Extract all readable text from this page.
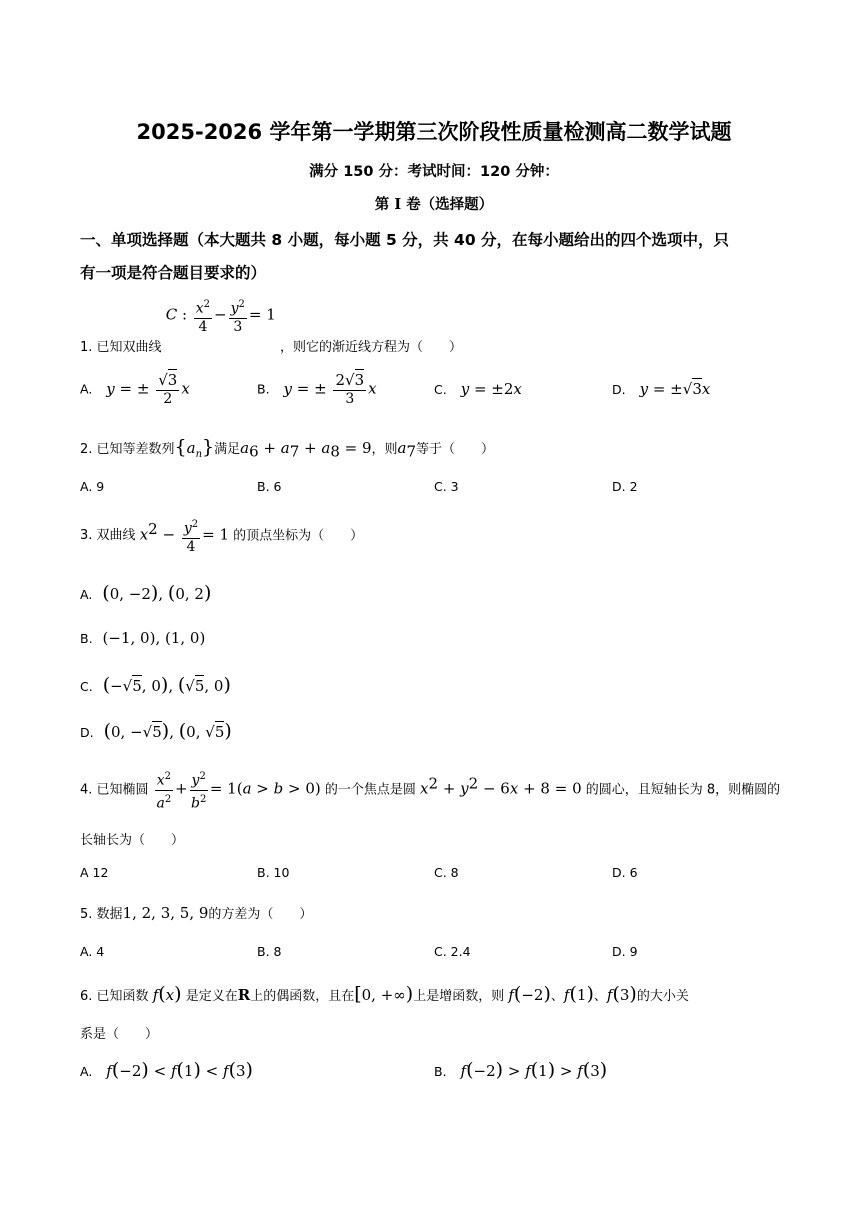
2025-2026 学年第一学期第三次阶段性质量检测高二数学试题
满分 150 分：考试时间：120 分钟：
第 I 卷（选择题）
一、单项选择题（本大题共 8 小题，每小题 5 分，共 40 分，在每小题给出的四个选项中，只
有一项是符合题目要求的）
1. 已知双曲线 C : $\frac{x^2}{4} - \frac{y^2}{3} = 1$ ，则它的渐近线方程为（　　）
A. y = ± $\frac{√3}{2}$ x	B. y = ± $\frac{2√3}{3}$ x	C. y = ±2x	D. y = ±√3x
2. 已知等差数列$\{a_n\}$满足$a_6 + a_7 + a_8 = 9$，则$a_7$等于（　　）
A. 9	B. 6	C. 3	D. 2
3. 双曲线 $x^2 - \frac{y^2}{4} = 1$ 的顶点坐标为（　　）
A. (0, −2), (0, 2)
B. (−1, 0), (1, 0)
C. (−√5, 0), (√5, 0)
D. (0, −√5), (0, √5)
4. 已知椭圆 $\frac{x^2}{a^2} + \frac{y^2}{b^2} = 1(a > b > 0)$ 的一个焦点是圆 $x^2 + y^2 - 6x + 8 = 0$ 的圆心，且短轴长为 8，则椭圆的
长轴长为（　　）
A 12	B. 10	C. 8	D. 6
5. 数据1, 2, 3, 5, 9的方差为（　　）
A. 4	B. 8	C. 2.4	D. 9
6. 已知函数 f(x) 是定义在R上的偶函数，且在[0, +∞)上是增函数，则 f(−2)、f(1)、f(3)的大小关
系是（　　）
A. f(−2) < f(1) < f(3)	B. f(−2) > f(1) > f(3)
